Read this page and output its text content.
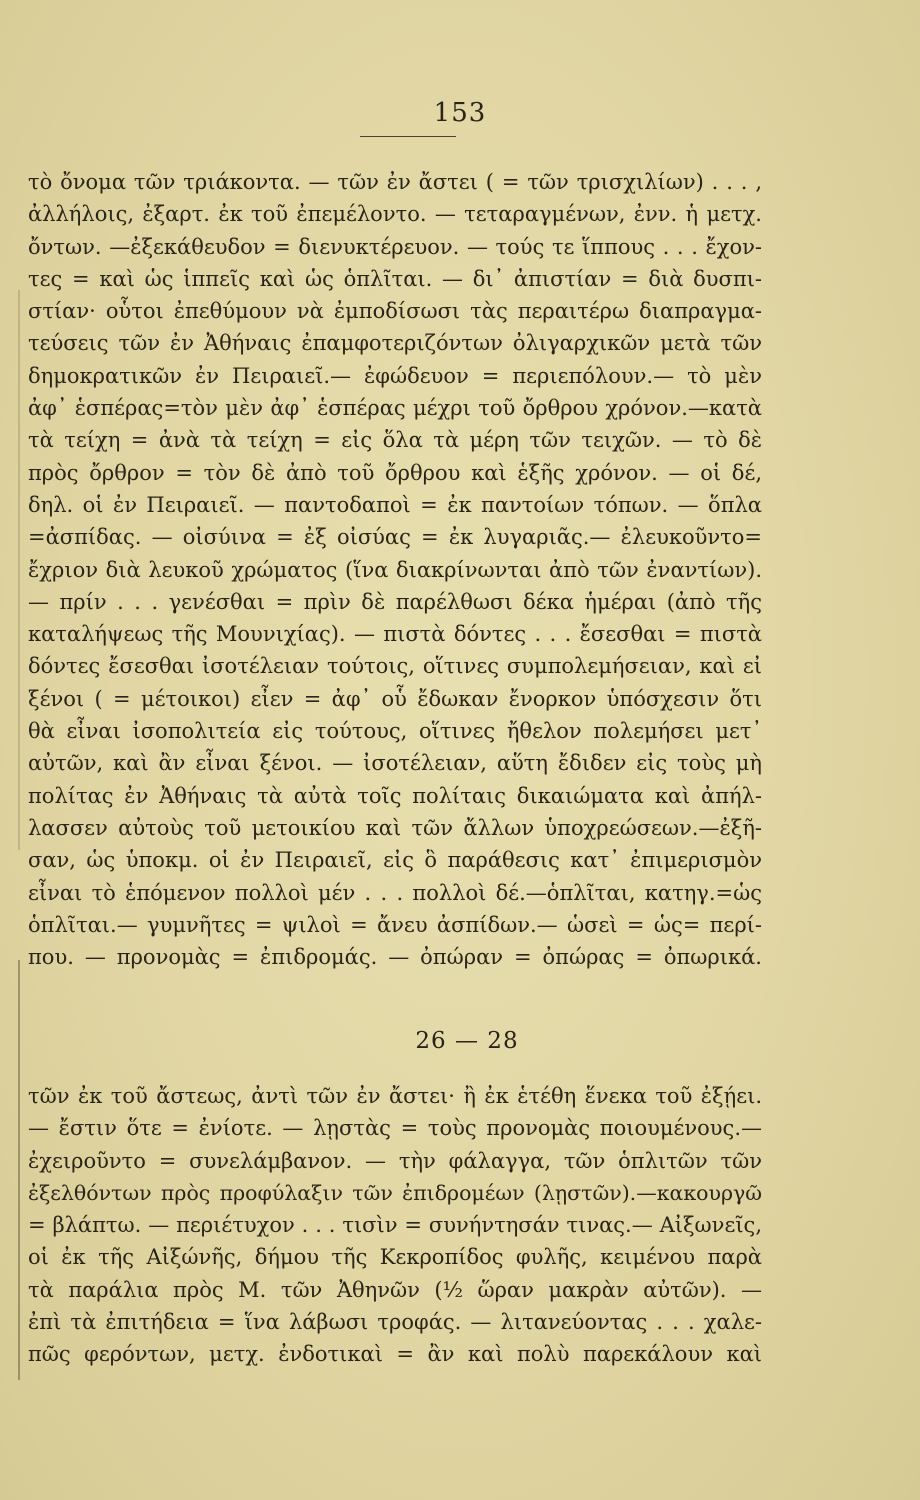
153
τὸ ὄνομα τῶν τριάκοντα. — τῶν ἐν ἄστει ( = τῶν τρισχιλίων) . . . ,
ἀλλήλοις, ἐξαρτ. ἐκ τοῦ ἐπεμέλοντο. — τεταραγμένων, ἐνν. ἡ μετχ.
ὄντων. —ἐξεκάθευδον = διενυκτέρευον. — τούς τε ἵππους . . . ἔχον-
τες = καὶ ὡς ἱππεῖς καὶ ὡς ὁπλῖται. — δι᾿ ἀπιστίαν = διὰ δυσπι-
στίαν· οὗτοι ἐπεθύμουν νὰ ἐμποδίσωσι τὰς περαιτέρω διαπραγμα-
τεύσεις τῶν ἐν Ἀθήναις ἐπαμφοτεριζόντων ὀλιγαρχικῶν μετὰ τῶν
δημοκρατικῶν ἐν Πειραιεῖ.— ἐφώδευον = περιεπόλουν.— τὸ μὲν
ἀφ᾿ ἑσπέρας=τὸν μὲν ἀφ᾿ ἑσπέρας μέχρι τοῦ ὄρθρου χρόνον.—κατὰ
τὰ τείχη = ἀνὰ τὰ τείχη = εἰς ὅλα τὰ μέρη τῶν τειχῶν. — τὸ δὲ
πρὸς ὄρθρον = τὸν δὲ ἀπὸ τοῦ ὄρθρου καὶ ἑξῆς χρόνον. — οἱ δέ,
δηλ. οἱ ἐν Πειραιεῖ. — παντοδαποὶ = ἐκ παντοίων τόπων. — ὅπλα
=ἀσπίδας. — οἰσύινα = ἐξ οἰσύας = ἐκ λυγαριᾶς.— ἐλευκοῦντο=
ἔχριον διὰ λευκοῦ χρώματος (ἵνα διακρίνωνται ἀπὸ τῶν ἐναντίων).
— πρίν . . . γενέσθαι = πρὶν δὲ παρέλθωσι δέκα ἡμέραι (ἀπὸ τῆς
καταλήψεως τῆς Μουνιχίας). — πιστὰ δόντες . . . ἔσεσθαι = πιστὰ
δόντες ἔσεσθαι ἰσοτέλειαν τούτοις, οἵτινες συμπολεμήσειαν, καὶ εἰ
ξένοι ( = μέτοικοι) εἶεν = ἀφ᾿ οὗ ἔδωκαν ἔνορκον ὑπόσχεσιν ὅτι
θὰ εἶναι ἰσοπολιτεία εἰς τούτους, οἵτινες ἤθελον πολεμήσει μετ᾿
αὐτῶν, καὶ ἂν εἶναι ξένοι. — ἰσοτέλειαν, αὕτη ἔδιδεν εἰς τοὺς μὴ
πολίτας ἐν Ἀθήναις τὰ αὐτὰ τοῖς πολίταις δικαιώματα καὶ ἀπήλ-
λασσεν αὐτοὺς τοῦ μετοικίου καὶ τῶν ἄλλων ὑποχρεώσεων.—ἐξῆ-
σαν, ὡς ὑποκμ. οἱ ἐν Πειραιεῖ, εἰς ὃ παράθεσις κατ᾿ ἐπιμερισμὸν
εἶναι τὸ ἑπόμενον πολλοὶ μέν . . . πολλοὶ δέ.—ὁπλῖται, κατηγ.=ὡς
ὁπλῖται.— γυμνῆτες = ψιλοὶ = ἄνευ ἀσπίδων.— ὡσεὶ = ὡς= περί-
που. — προνομὰς = ἐπιδρομάς. — ὀπώραν = ὀπώρας = ὀπωρικά.
26 — 28
τῶν ἐκ τοῦ ἄστεως, ἀντὶ τῶν ἐν ἄστει· ἢ ἐκ ἑτέθη ἕνεκα τοῦ ἐξῄει.
— ἔστιν ὅτε = ἐνίοτε. — λῃστὰς = τοὺς προνομὰς ποιουμένους.—
ἐχειροῦντο = συνελάμβανον. — τὴν φάλαγγα, τῶν ὁπλιτῶν τῶν
ἐξελθόντων πρὸς προφύλαξιν τῶν ἐπιδρομέων (λῃστῶν).—κακουργῶ
= βλάπτω. — περιέτυχον . . . τισὶν = συνήντησάν τινας.— Αἰξωνεῖς,
οἱ ἐκ τῆς Αἰξώνῆς, δήμου τῆς Κεκροπίδος φυλῆς, κειμένου παρὰ
τὰ παράλια πρὸς Μ. τῶν Ἀθηνῶν (½ ὥραν μακρὰν αὐτῶν). —
ἐπὶ τὰ ἐπιτήδεια = ἵνα λάβωσι τροφάς. — λιτανεύοντας . . . χαλε-
πῶς φερόντων, μετχ. ἐνδοτικαὶ = ἂν καὶ πολὺ παρεκάλουν καὶ
